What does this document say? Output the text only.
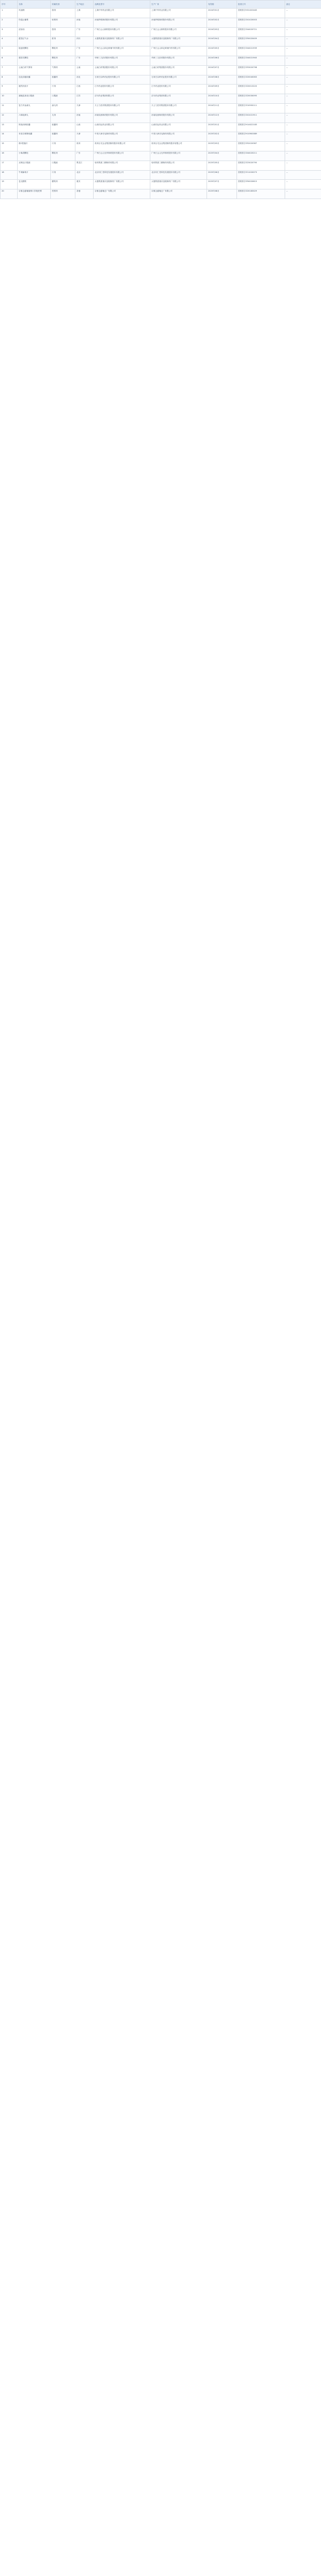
序号	名称	所属类别	生产地区	品牌及型号	生产厂家	有效期	批准文号	备注
1	风油精	搽剂	上海	上海中华药业有限公司	上海中华药业有限公司	2024年01月	国药准字H31020445	...
2	伤湿止痛膏	贴膏剂	河南	河南羚锐制药股份有限公司	河南羚锐制药股份有限公司	2024年02月	国药准字Z41020003	...
3	清凉油	搽剂	广东	广州白云山制药股份有限公司	广州白云山制药股份有限公司	2024年03月	国药准字Z44020721	...
4	藿香正气水	酊剂	四川	太极集团重庆涪陵制药厂有限公司	太极集团重庆涪陵制药厂有限公司	2024年04月	国药准字Z50020409	...
5	板蓝根颗粒	颗粒剂	广东	广州白云山和记黄埔中药有限公司	广州白云山和记黄埔中药有限公司	2024年05月	国药准字Z44021939	...
6	感冒灵颗粒	颗粒剂	广东	华润三九医药股份有限公司	华润三九医药股份有限公司	2024年06月	国药准字Z44021940	...
7	云南白药气雾剂	气雾剂	云南	云南白药集团股份有限公司	云南白药集团股份有限公司	2024年07月	国药准字Z53020798	...
8	连花清瘟胶囊	胶囊剂	河北	石家庄以岭药业股份有限公司	石家庄以岭药业股份有限公司	2024年08月	国药准字Z20040063	...
9	健胃消食片	片剂	江西	江中药业股份有限公司	江中药业股份有限公司	2024年09月	国药准字Z20013220	...
10	蒲地蓝消炎口服液	口服液	江苏	济川药业集团有限公司	济川药业集团有限公司	2024年10月	国药准字Z20030095	...
11	复方丹参滴丸	滴丸剂	天津	天士力医药集团股份有限公司	天士力医药集团股份有限公司	2024年11月	国药准字Z10950111	...
12	六味地黄丸	丸剂	河南	河南宛西制药股份有限公司	河南宛西制药股份有限公司	2024年12月	国药准字Z41021911	...
13	阿莫西林胶囊	胶囊剂	山西	山西同达药业有限公司	山西同达药业有限公司	2025年01月	国药准字H14022183	...
14	布洛芬缓释胶囊	胶囊剂	天津	中美天津史克制药有限公司	中美天津史克制药有限公司	2025年02月	国药准字H10900089	...
15	维C银翘片	片剂	贵州	贵州百灵企业集团制药股份有限公司	贵州百灵企业集团制药股份有限公司	2025年03月	国药准字Z52020387	...
16	小柴胡颗粒	颗粒剂	广东	广州白云山光华制药股份有限公司	广州白云山光华制药股份有限公司	2025年04月	国药准字Z44020211	...
17	双黄连口服液	口服液	黑龙江	哈药集团三精制药有限公司	哈药集团三精制药有限公司	2025年05月	国药准字Z23020790	...
18	牛黄解毒片	片剂	北京	北京同仁堂科技发展股份有限公司	北京同仁堂科技发展股份有限公司	2025年06月	国药准字Z11020073	...
19	急支糖浆	糖浆剂	重庆	太极集团重庆涪陵制药厂有限公司	太极集团重庆涪陵制药厂有限公司	2025年07月	国药准字Z50020615	...
20	京都念慈菴蜜炼川贝枇杷膏	煎膏剂	香港	京都念慈菴总厂有限公司	京都念慈菴总厂有限公司	2025年08月	国药准字Z20183029	...
